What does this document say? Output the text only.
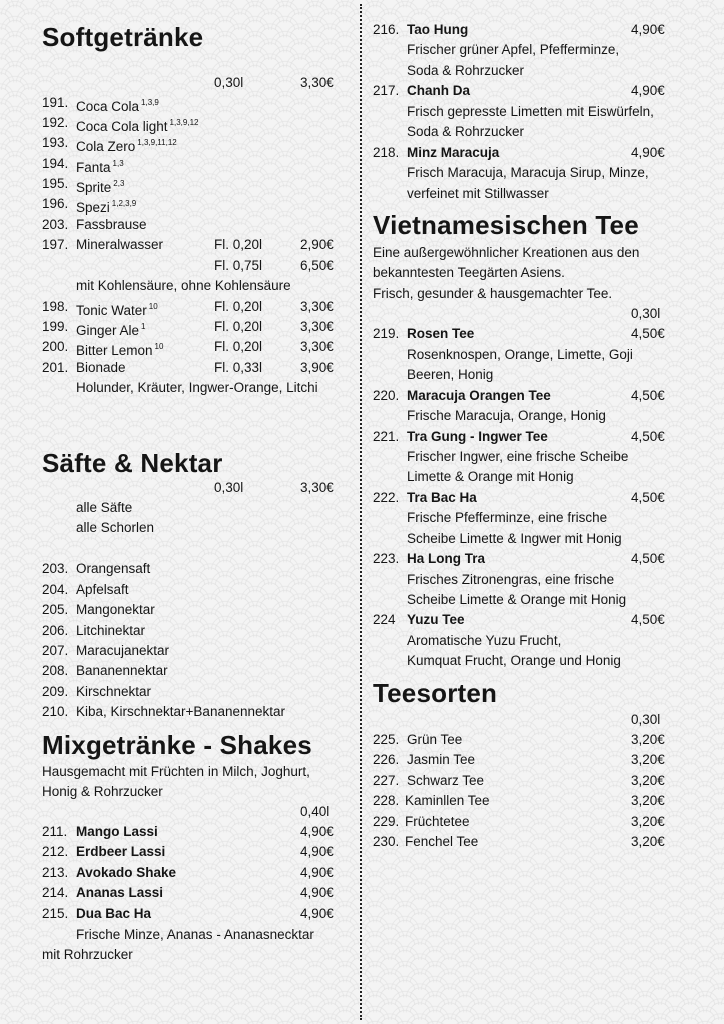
Softgetränke
0,30l	3,30€
191. Coca Cola $^{1,3,9}$
192. Coca Cola light $^{1,3,9,12}$
193. Cola Zero $^{1,3,9,11,12}$
194. Fanta $^{1,3}$
195. Sprite $^{2,3}$
196. Spezi $^{1,2,3,9}$
203. Fassbrause
197. Mineralwasser	Fl. 0,20l	2,90€
Fl. 0,75l	6,50€
mit Kohlensäure, ohne Kohlensäure
198. Tonic Water $^{10}$	Fl. 0,20l	3,30€
199. Ginger Ale $^1$	Fl. 0,20l	3,30€
200. Bitter Lemon $^{10}$	Fl. 0,20l	3,30€
201. Bionade	Fl. 0,33l	3,90€
Holunder, Kräuter, Ingwer-Orange, Litchi
Säfte & Nektar
0,30l	3,30€
alle Säfte
alle Schorlen
203. Orangensaft
204. Apfelsaft
205. Mangonektar
206. Litchinektar
207. Maracujanektar
208. Bananennektar
209. Kirschnektar
210. Kiba, Kirschnektar+Bananennektar
Mixgetränke - Shakes
Hausgemacht mit Früchten in Milch, Joghurt,
Honig & Rohrzucker
0,40l
211. Mango Lassi	4,90€
212. Erdbeer Lassi	4,90€
213. Avokado Shake	4,90€
214. Ananas Lassi	4,90€
215. Dua Bac Ha	4,90€
Frische Minze, Ananas - Ananasnecktar
mit Rohrzucker
216. Tao Hung	4,90€
Frischer grüner Apfel, Pfefferminze,
Soda & Rohrzucker
217. Chanh Da	4,90€
Frisch gepresste Limetten mit Eiswürfeln,
Soda & Rohrzucker
218. Minz Maracuja	4,90€
Frisch Maracuja, Maracuja Sirup, Minze,
verfeinet mit Stillwasser
Vietnamesischen Tee
Eine außergewöhnlicher Kreationen aus den
bekanntesten Teegärten Asiens.
Frisch, gesunder & hausgemachter Tee.
0,30l
219. Rosen Tee	4,50€
Rosenknospen, Orange, Limette, Goji
Beeren, Honig
220. Maracuja Orangen Tee	4,50€
Frische Maracuja, Orange, Honig
221. Tra Gung - Ingwer Tee	4,50€
Frischer Ingwer, eine frische Scheibe
Limette & Orange mit Honig
222. Tra Bac Ha	4,50€
Frische Pfefferminze, eine frische
Scheibe Limette & Ingwer mit Honig
223. Ha Long Tra	4,50€
Frisches Zitronengras, eine frische
Scheibe Limette & Orange mit Honig
224 Yuzu Tee	4,50€
Aromatische Yuzu Frucht,
Kumquat Frucht, Orange und Honig
Teesorten
0,30l
225. Grün Tee	3,20€
226. Jasmin Tee	3,20€
227. Schwarz Tee	3,20€
228. Kaminllen Tee	3,20€
229. Früchtetee	3,20€
230. Fenchel Tee	3,20€
